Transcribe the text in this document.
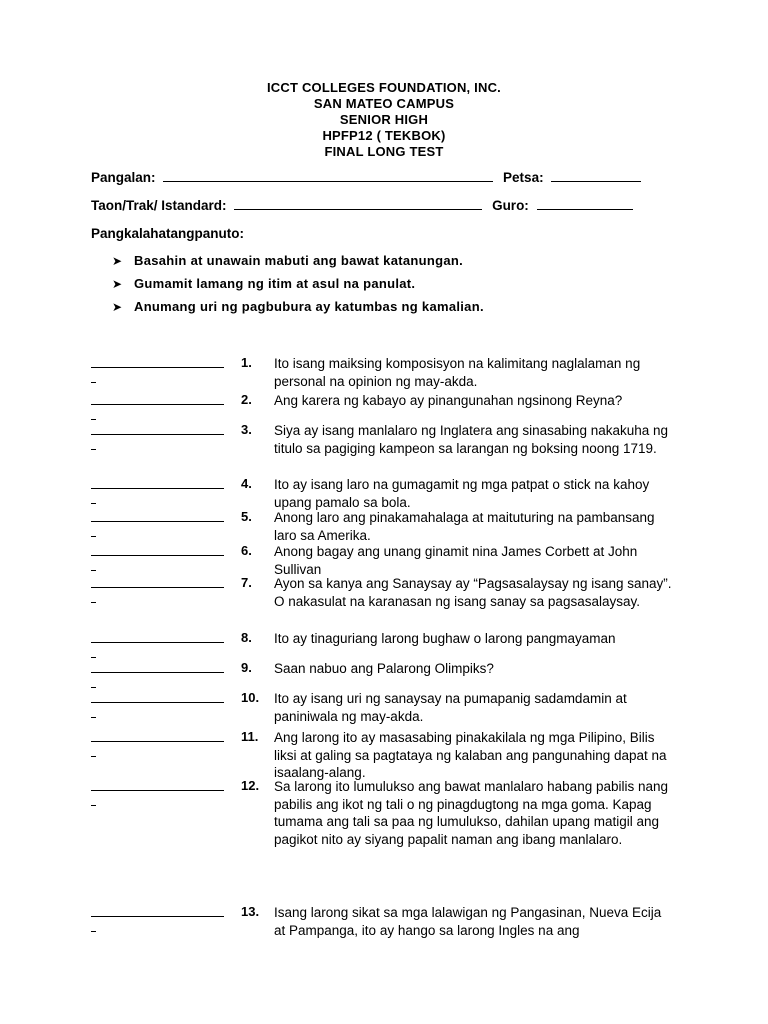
ICCT COLLEGES FOUNDATION, INC.
SAN MATEO CAMPUS
SENIOR HIGH
HPFP12 ( TEKBOK)
FINAL LONG TEST
Pangalan:	Petsa:
Taon/Trak/ Istandard:	Guro:
Pangkalahatangpanuto:
➤ Basahin at unawain mabuti ang bawat katanungan.
➤ Gumamit lamang ng itim at asul na panulat.
➤ Anumang uri ng pagbubura ay katumbas ng kamalian.
1. Ito isang maiksing komposisyon na kalimitang naglalaman ng personal na opinion ng may-akda.
2. Ang karera ng kabayo ay pinangunahan ngsinong Reyna?
3. Siya ay isang manlalaro ng Inglatera ang sinasabing nakakuha ng titulo sa pagiging kampeon sa larangan ng boksing noong 1719.
4. Ito ay isang laro na gumagamit ng mga patpat o stick na kahoy upang pamalo sa bola.
5. Anong laro ang pinakamahalaga at maituturing na pambansang laro sa Amerika.
6. Anong bagay ang unang ginamit nina James Corbett at John Sullivan
7. Ayon sa kanya ang Sanaysay ay “Pagsasalaysay ng isang sanay”. O nakasulat na karanasan ng isang sanay sa pagsasalaysay.
8. Ito ay tinaguriang larong bughaw o larong pangmayaman
9. Saan nabuo ang Palarong Olimpiks?
10. Ito ay isang uri ng sanaysay na pumapanig sadamdamin at paniniwala ng may-akda.
11. Ang larong ito ay masasabing pinakakilala ng mga Pilipino, Bilis liksi at galing sa pagtataya ng kalaban ang pangunahing dapat na isaalang-alang.
12. Sa larong ito lumulukso ang bawat manlalaro habang pabilis nang pabilis ang ikot ng tali o ng pinagdugtong na mga goma. Kapag tumama ang tali sa paa ng lumulukso, dahilan upang matigil ang pagikot nito ay siyang papalit naman ang ibang manlalaro.
13. Isang larong sikat sa mga lalawigan ng Pangasinan, Nueva Ecija at Pampanga, ito ay hango sa larong Ingles na ang
